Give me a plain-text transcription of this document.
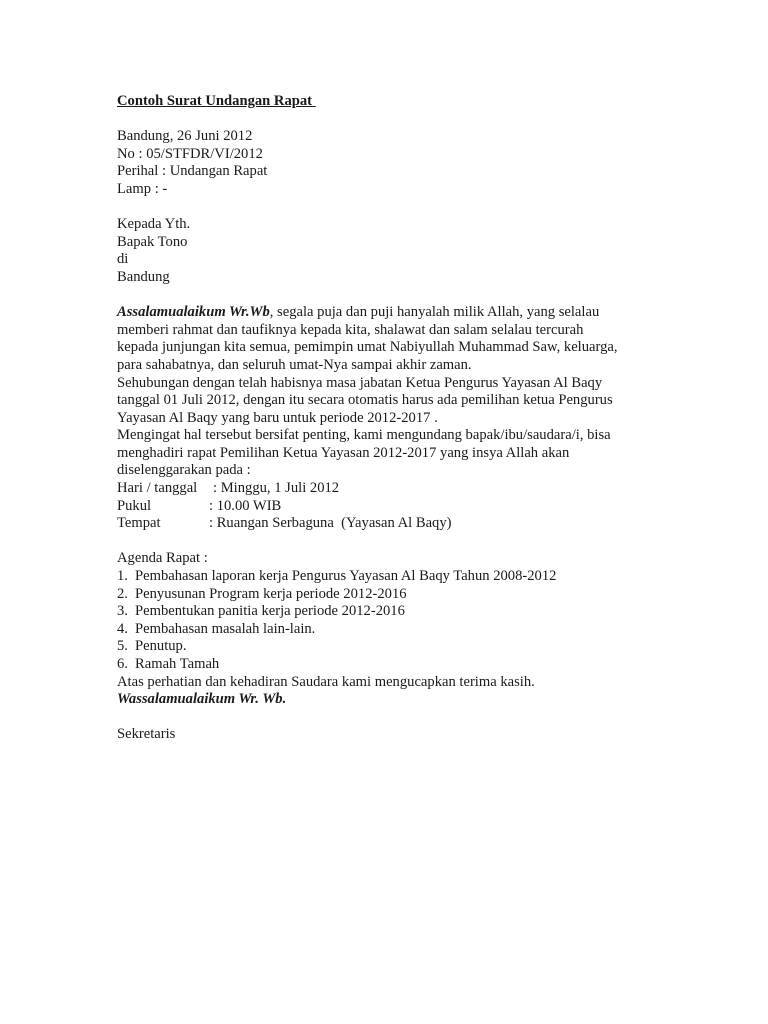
Contoh Surat Undangan Rapat
Bandung, 26 Juni 2012
No : 05/STFDR/VI/2012
Perihal : Undangan Rapat
Lamp : -
Kepada Yth.
Bapak Tono
di
Bandung
Assalamualaikum Wr.Wb, segala puja dan puji hanyalah milik Allah, yang selalau
memberi rahmat dan taufiknya kepada kita, shalawat dan salam selalau tercurah
kepada junjungan kita semua, pemimpin umat Nabiyullah Muhammad Saw, keluarga,
para sahabatnya, dan seluruh umat-Nya sampai akhir zaman.
Sehubungan dengan telah habisnya masa jabatan Ketua Pengurus Yayasan Al Baqy
tanggal 01 Juli 2012, dengan itu secara otomatis harus ada pemilihan ketua Pengurus
Yayasan Al Baqy yang baru untuk periode 2012-2017 .
Mengingat hal tersebut bersifat penting, kami mengundang bapak/ibu/saudara/i, bisa
menghadiri rapat Pemilihan Ketua Yayasan 2012-2017 yang insya Allah akan
diselenggarakan pada :
Hari / tanggal	: Minggu, 1 Juli 2012
Pukul	: 10.00 WIB
Tempat	: Ruangan Serbaguna  (Yayasan Al Baqy)
Agenda Rapat :
1. Pembahasan laporan kerja Pengurus Yayasan Al Baqy Tahun 2008-2012
2. Penyusunan Program kerja periode 2012-2016
3. Pembentukan panitia kerja periode 2012-2016
4. Pembahasan masalah lain-lain.
5. Penutup.
6. Ramah Tamah
Atas perhatian dan kehadiran Saudara kami mengucapkan terima kasih.
Wassalamualaikum Wr. Wb.
Sekretaris
